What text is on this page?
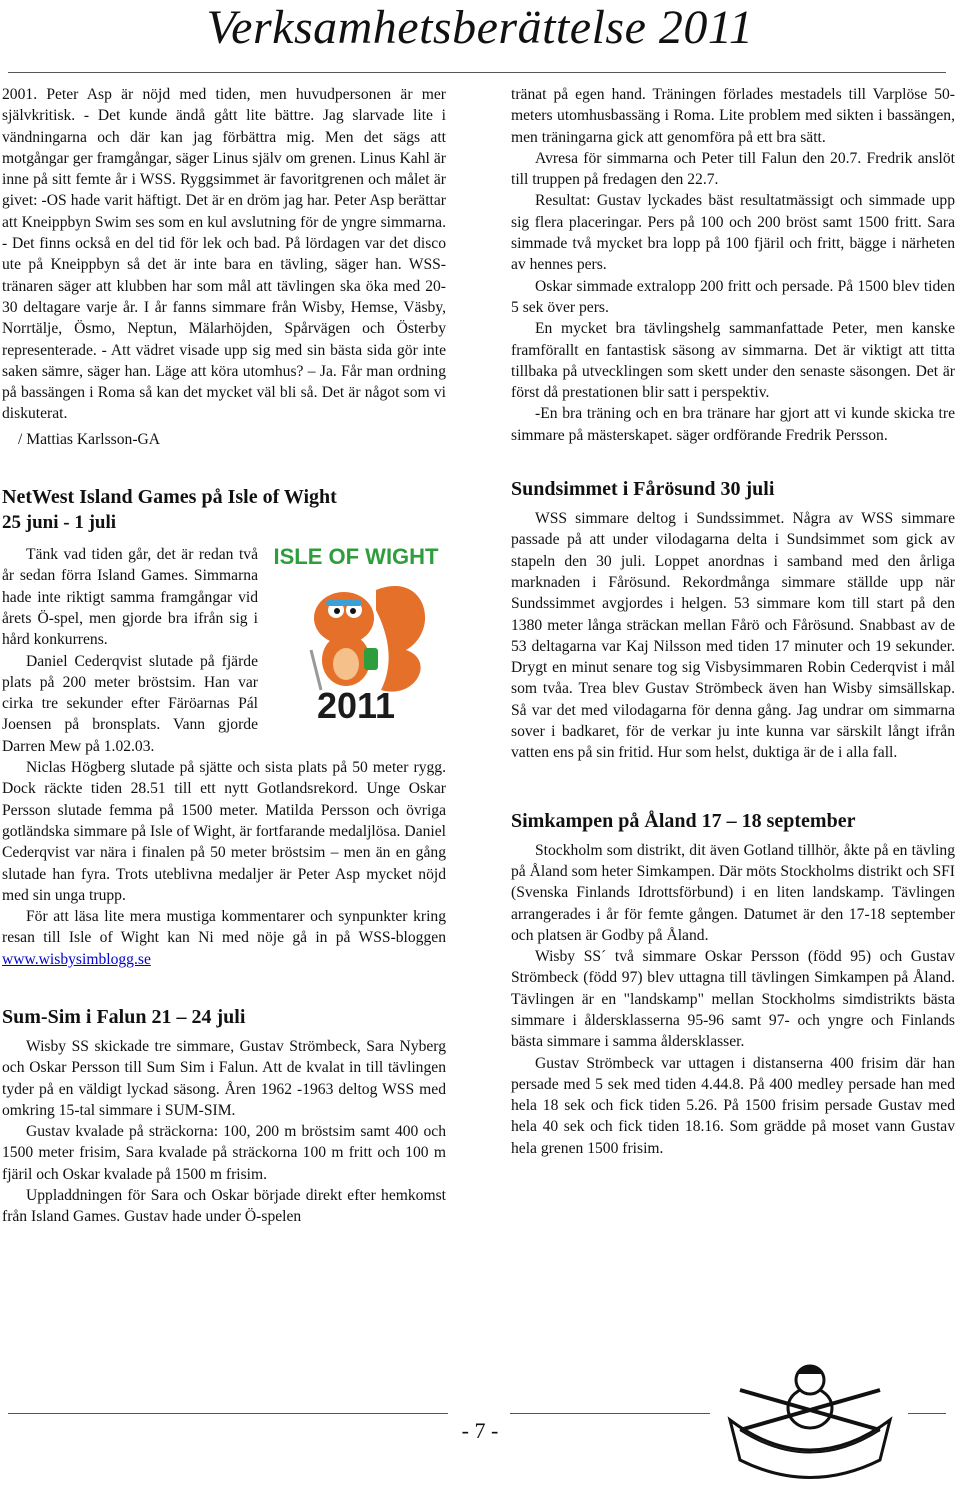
Verksamhetsberättelse 2011

2001. Peter Asp är nöjd med tiden, men huvudpersonen är mer självkritisk. - Det kunde ändå gått lite bättre. Jag slarvade lite i vändningarna och där kan jag förbättra mig. Men det sägs att motgångar ger framgångar, säger Linus själv om grenen. Linus Kahl är inne på sitt femte år i WSS. Ryggsimmet är favoritgrenen och målet är givet: -OS hade varit häftigt. Det är en dröm jag har. Peter Asp berättar att Kneippbyn Swim ses som en kul avslutning för de yngre simmarna. - Det finns också en del tid för lek och bad. På lördagen var det disco ute på Kneippbyn så det är inte bara en tävling, säger han. WSS-tränaren säger att klubben har som mål att tävlingen ska öka med 20-30 deltagare varje år. I år fanns simmare från Wisby, Hemse, Väsby, Norrtälje, Ösmo, Neptun, Mälarhöjden, Spårvägen och Österby representerade. - Att vädret visade upp sig med sin bästa sida gör inte saken sämre, säger han. Läge att köra utomhus? – Ja. Får man ordning på bassängen i Roma så kan det mycket väl bli så. Det är något som vi diskuterat.

/ Mattias Karlsson-GA
NetWest Island Games på Isle of Wight
25 juni - 1 juli
ISLE OF WIGHT
2011

Tänk vad tiden går, det är redan två år sedan förra Island Games. Simmarna hade inte riktigt samma framgångar vid årets Ö-spel, men gjorde bra ifrån sig i hård konkurrens.

Daniel Cederqvist slutade på fjärde plats på 200 meter bröstsim. Han var cirka tre sekunder efter Färöarnas Pál Joensen på bronsplats. Vann gjorde Darren Mew på 1.02.03.

Niclas Högberg slutade på sjätte och sista plats på 50 meter rygg. Dock räckte tiden 28.51 till ett nytt Gotlandsrekord. Unge Oskar Persson slutade femma på 1500 meter. Matilda Persson och övriga gotländska simmare på Isle of Wight, är fortfarande medaljlösa. Daniel Cederqvist var nära i finalen på 50 meter bröstsim – men än en gång slutade han fyra. Trots uteblivna medaljer är Peter Asp mycket nöjd med sin unga trupp.

För att läsa lite mera mustiga kommentarer och synpunkter kring resan till Isle of Wight kan Ni med nöje gå in på WSS-bloggen www.wisbysimblogg.se

Sum-Sim i Falun 21 – 24 juli

Wisby SS skickade tre simmare, Gustav Strömbeck, Sara Nyberg och Oskar Persson till Sum Sim i Falun. Att de kvalat in till tävlingen tyder på en väldigt lyckad säsong. Åren 1962 -1963 deltog WSS med omkring 15-tal simmare i SUM-SIM.

Gustav kvalade på sträckorna: 100, 200 m bröstsim samt 400 och 1500 meter frisim, Sara kvalade på sträckorna 100 m fritt och 100 m fjäril och Oskar kvalade på 1500 m frisim.

Uppladdningen för Sara och Oskar började direkt efter hemkomst från Island Games. Gustav hade under Ö-spelen

tränat på egen hand. Träningen förlades mestadels till Varplöse 50-meters utomhusbassäng i Roma. Lite problem med sikten i bassängen, men träningarna gick att genomföra på ett bra sätt.

Avresa för simmarna och Peter till Falun den 20.7. Fredrik anslöt till truppen på fredagen den 22.7.

Resultat: Gustav lyckades bäst resultatmässigt och simmade upp sig flera placeringar. Pers på 100 och 200 bröst samt 1500 fritt. Sara simmade två mycket bra lopp på 100 fjäril och fritt, bägge i närheten av hennes pers.

Oskar simmade extralopp 200 fritt och persade. På 1500 blev tiden 5 sek över pers.

En mycket bra tävlingshelg sammanfattade Peter, men kanske framförallt en fantastisk säsong av simmarna. Det är viktigt att titta tillbaka på utvecklingen som skett under den senaste säsongen. Det är först då prestationen blir satt i perspektiv.

-En bra träning och en bra tränare har gjort att vi kunde skicka tre simmare på mästerskapet. säger ordförande Fredrik Persson.

Sundsimmet i Fårösund 30 juli

WSS simmare deltog i Sundssimmet. Några av WSS simmare passade på att under vilodagarna delta i Sundsimmet som gick av stapeln den 30 juli. Loppet anordnas i samband med den årliga marknaden i Fårösund. Rekordmånga simmare ställde upp när Sundssimmet avgjordes i helgen. 53 simmare kom till start på den 1380 meter långa sträckan mellan Fårö och Fårösund. Snabbast av de 53 deltagarna var Kaj Nilsson med tiden 17 minuter och 19 sekunder. Drygt en minut senare tog sig Visbysimmaren Robin Cederqvist i mål som tvåa. Trea blev Gustav Strömbeck även han Wisby simsällskap. Så var det med vilodagarna för denna gång. Jag undrar om simmarna sover i badkaret, för de verkar ju inte kunna var särskilt långt ifrån vatten ens på sin fritid. Hur som helst, duktiga är de i alla fall.

Simkampen på Åland 17 – 18 september

Stockholm som distrikt, dit även Gotland tillhör, åkte på en tävling på Åland som heter Simkampen. Där möts Stockholms distrikt och SFI (Svenska Finlands Idrottsförbund) i en liten landskamp. Tävlingen arrangerades i år för femte gången. Datumet är den 17-18 september och platsen är Godby på Åland.

Wisby SS´ två simmare Oskar Persson (född 95) och Gustav Strömbeck (född 97) blev uttagna till tävlingen Simkampen på Åland. Tävlingen är en "landskamp" mellan Stockholms simdistrikts bästa simmare i åldersklasserna 95-96 samt 97- och yngre och Finlands bästa simmare i samma åldersklasser.

Gustav Strömbeck var uttagen i distanserna 400 frisim där han persade med 5 sek med tiden 4.44.8. På 400 medley persade han med hela 18 sek och fick tiden 5.26. På 1500 frisim persade Gustav med hela 40 sek och fick tiden 18.16. Som grädde på moset vann Gustav hela grenen 1500 frisim.

- 7 -
